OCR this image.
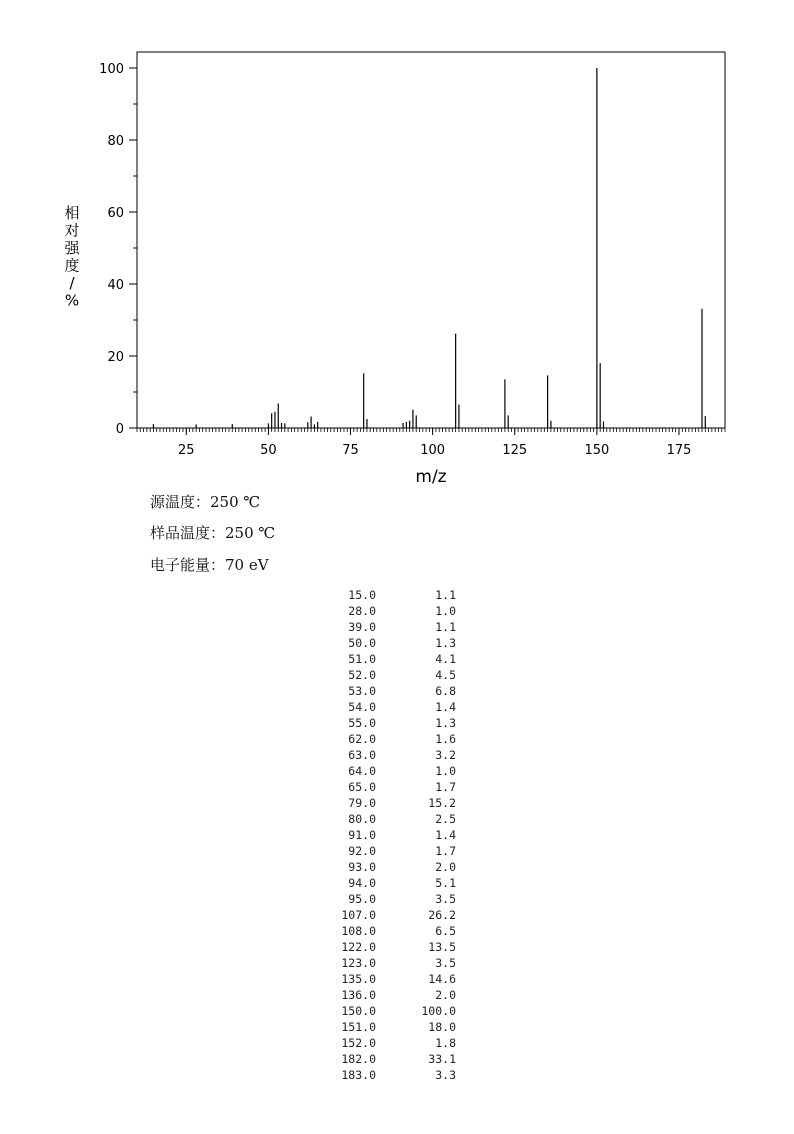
25	50	75	100	125	150	175
0
20
40
60
80
100
m/z
相对强度/ %
源温度：250 ℃
样品温度：250 ℃
电子能量：70 eV
15.0	1.1
28.0	1.0
39.0	1.1
50.0	1.3
51.0	4.1
52.0	4.5
53.0	6.8
54.0	1.4
55.0	1.3
62.0	1.6
63.0	3.2
64.0	1.0
65.0	1.7
79.0	15.2
80.0	2.5
91.0	1.4
92.0	1.7
93.0	2.0
94.0	5.1
95.0	3.5
107.0	26.2
108.0	6.5
122.0	13.5
123.0	3.5
135.0	14.6
136.0	2.0
150.0	100.0
151.0	18.0
152.0	1.8
182.0	33.1
183.0	3.3
